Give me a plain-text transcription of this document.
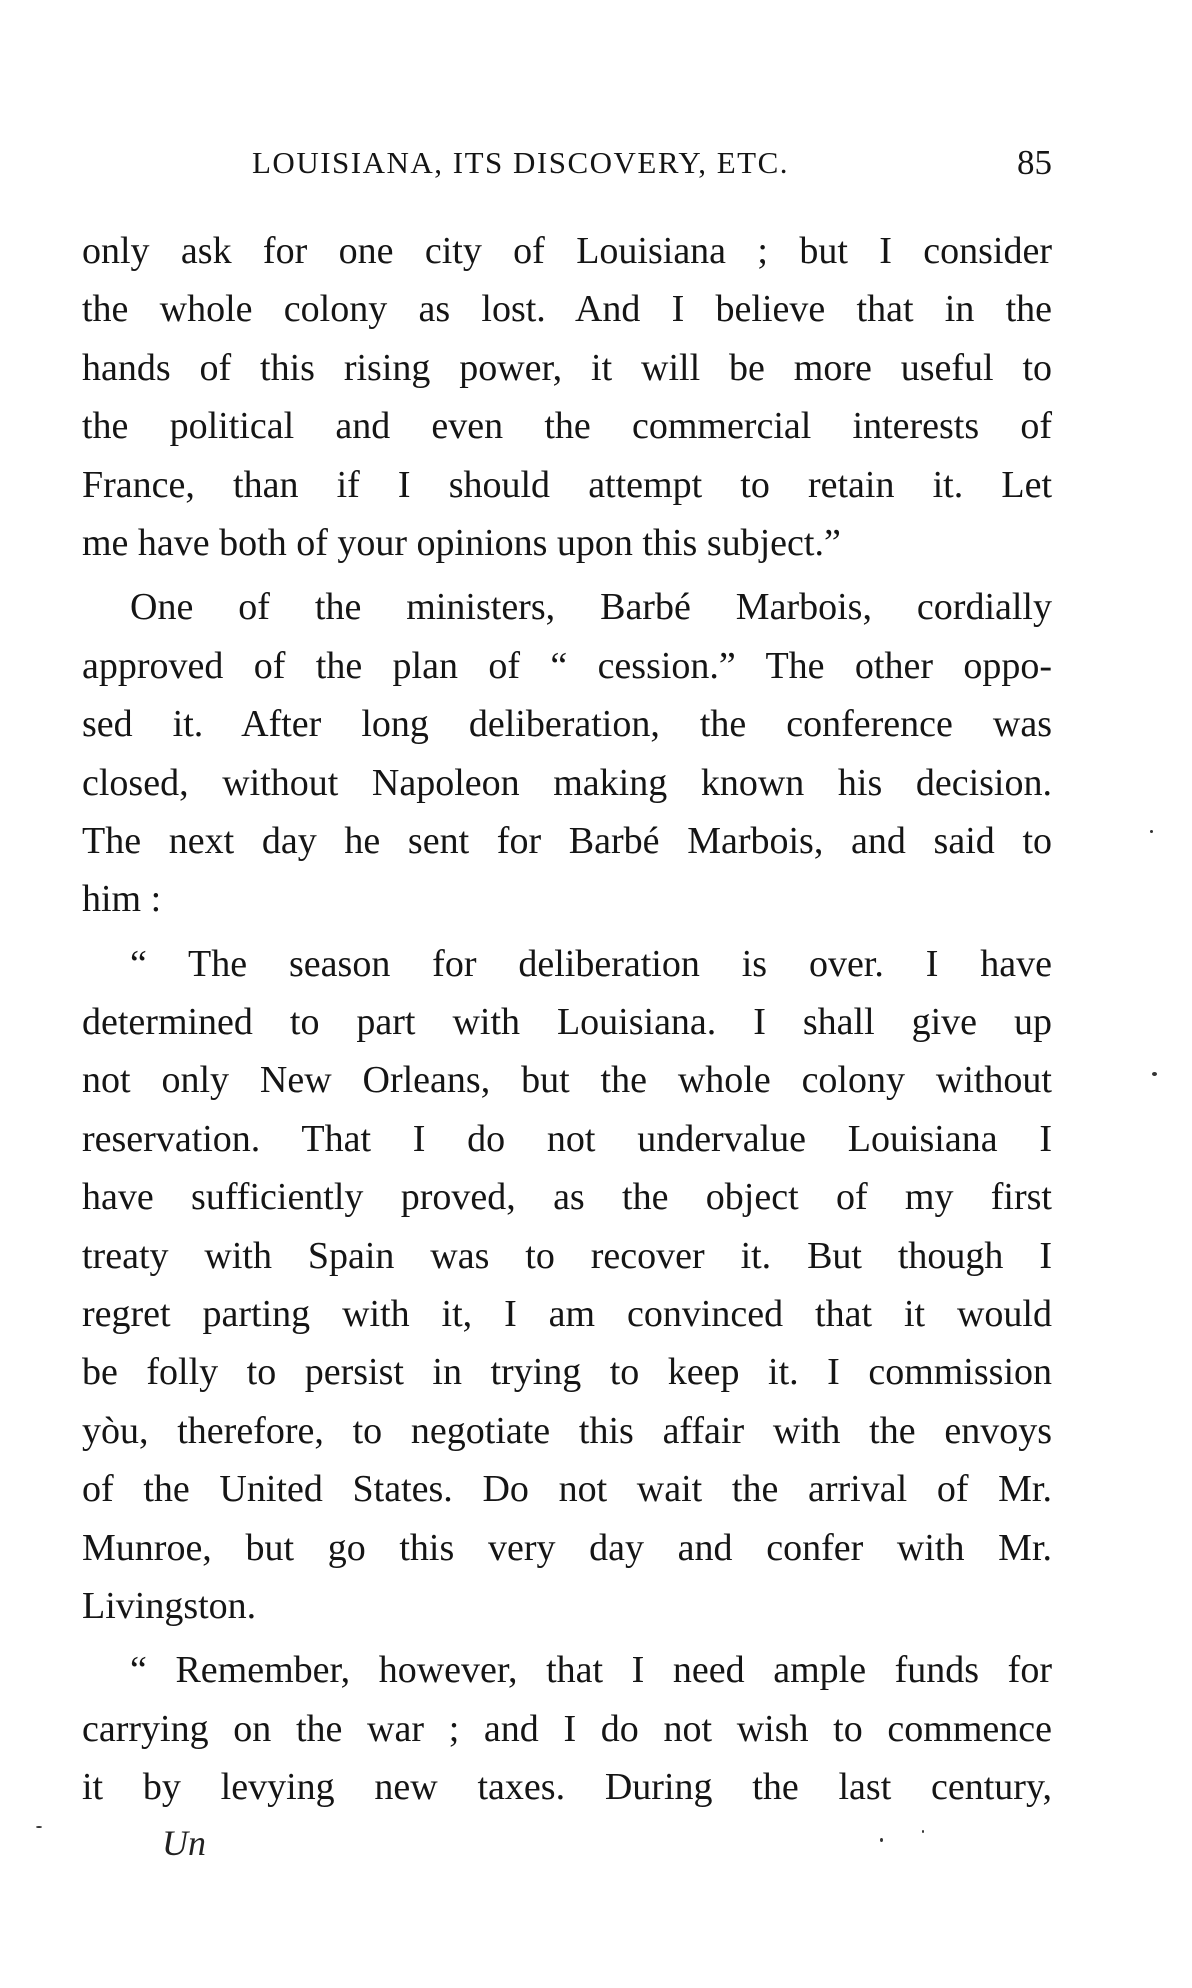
LOUISIANA, ITS DISCOVERY, ETC.	85
only ask for one city of Louisiana ; but I consider
the whole colony as lost. And I believe that in the
hands of this rising power, it will be more useful to
the political and even the commercial interests of
France, than if I should attempt to retain it. Let
me have both of your opinions upon this subject.”
One of the ministers, Barbé Marbois, cordially
approved of the plan of “ cession.” The other oppo-
sed it. After long deliberation, the conference was
closed, without Napoleon making known his decision.
The next day he sent for Barbé Marbois, and said to
him :
“ The season for deliberation is over. I have
determined to part with Louisiana. I shall give up
not only New Orleans, but the whole colony without
reservation. That I do not undervalue Louisiana I
have sufficiently proved, as the object of my first
treaty with Spain was to recover it. But though I
regret parting with it, I am convinced that it would
be folly to persist in trying to keep it. I commission
yòu, therefore, to negotiate this affair with the envoys
of the United States. Do not wait the arrival of Mr.
Munroe, but go this very day and confer with Mr.
Livingston.
“ Remember, however, that I need ample funds for
carrying on the war ; and I do not wish to commence
it by levying new taxes. During the last century,
Un
